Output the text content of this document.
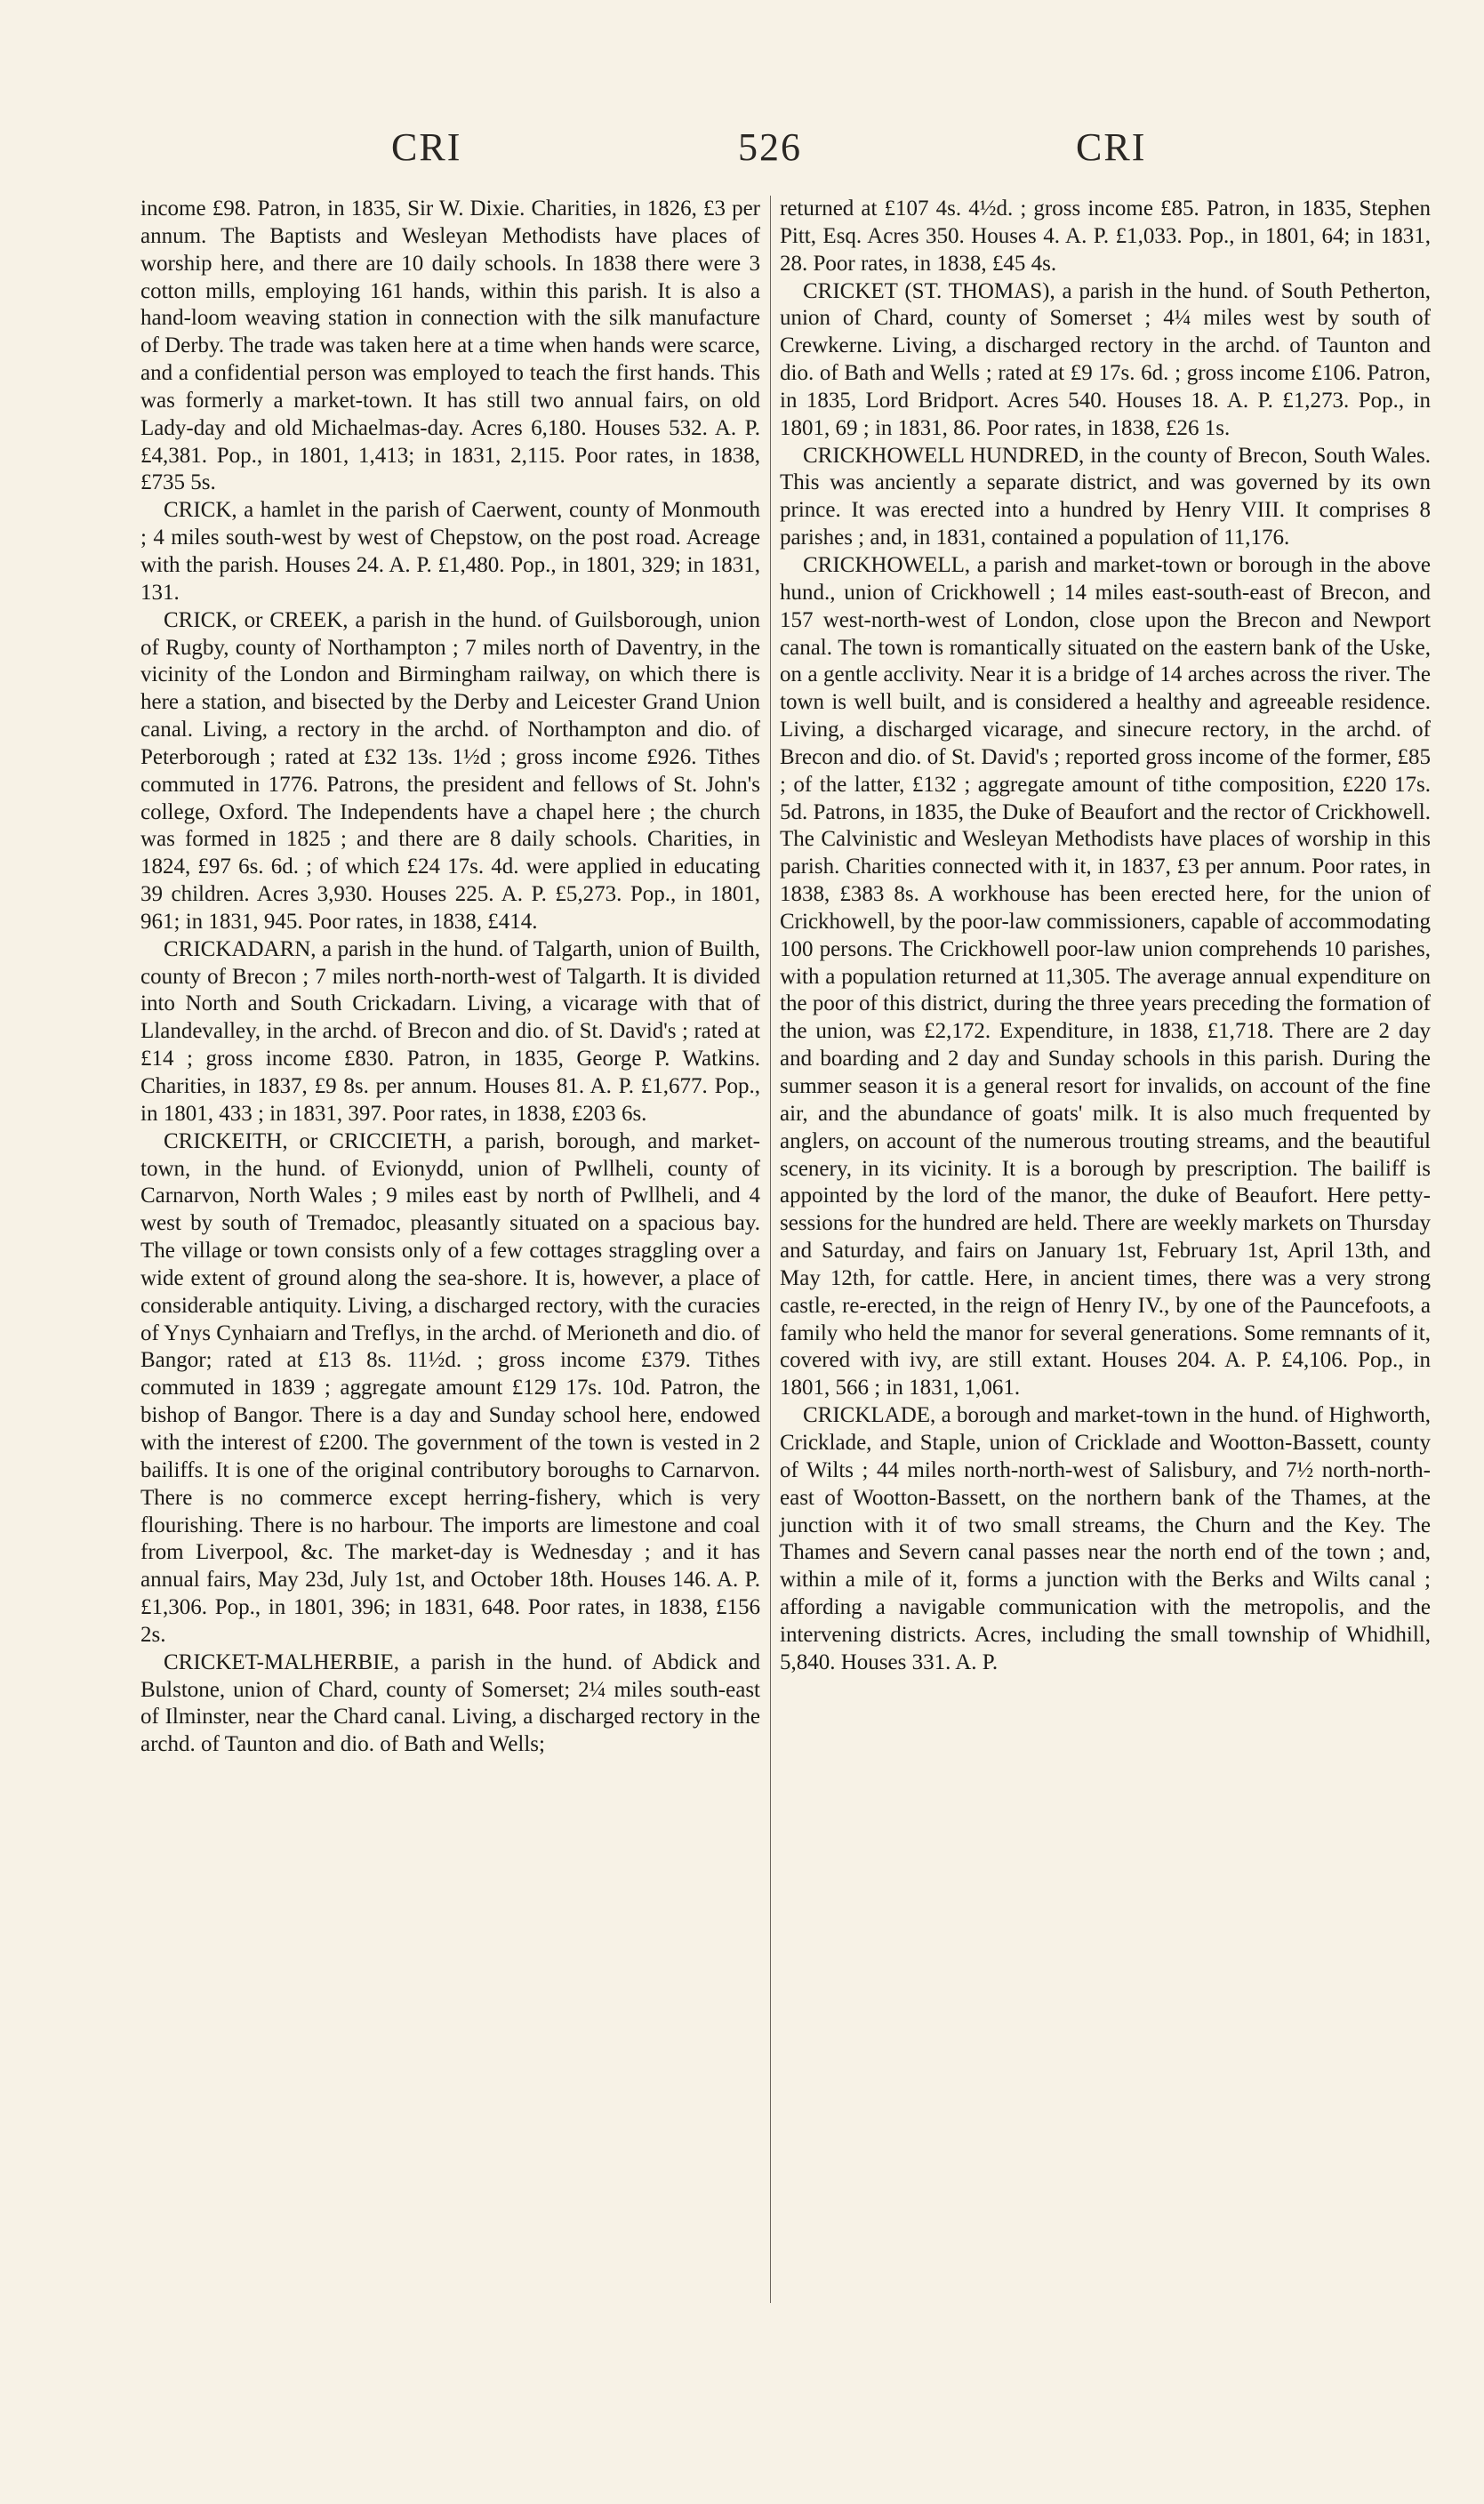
CRI	526	CRI

income £98. Patron, in 1835, Sir W. Dixie. Charities, in 1826, £3 per annum. The Baptists and Wesleyan Methodists have places of worship here, and there are 10 daily schools. In 1838 there were 3 cotton mills, employing 161 hands, within this parish. It is also a hand-loom weaving station in connection with the silk manufacture of Derby. The trade was taken here at a time when hands were scarce, and a confidential person was employed to teach the first hands. This was formerly a market-town. It has still two annual fairs, on old Lady-day and old Michaelmas-day. Acres 6,180. Houses 532. A. P. £4,381. Pop., in 1801, 1,413; in 1831, 2,115. Poor rates, in 1838, £735 5s.

CRICK, a hamlet in the parish of Caerwent, county of Monmouth ; 4 miles south-west by west of Chepstow, on the post road. Acreage with the parish. Houses 24. A. P. £1,480. Pop., in 1801, 329; in 1831, 131.

CRICK, or CREEK, a parish in the hund. of Guilsborough, union of Rugby, county of Northampton ; 7 miles north of Daventry, in the vicinity of the London and Birmingham railway, on which there is here a station, and bisected by the Derby and Leicester Grand Union canal. Living, a rectory in the archd. of Northampton and dio. of Peterborough ; rated at £32 13s. 1½d ; gross income £926. Tithes commuted in 1776. Patrons, the president and fellows of St. John's college, Oxford. The Independents have a chapel here ; the church was formed in 1825 ; and there are 8 daily schools. Charities, in 1824, £97 6s. 6d. ; of which £24 17s. 4d. were applied in educating 39 children. Acres 3,930. Houses 225. A. P. £5,273. Pop., in 1801, 961; in 1831, 945. Poor rates, in 1838, £414.

CRICKADARN, a parish in the hund. of Talgarth, union of Builth, county of Brecon ; 7 miles north-north-west of Talgarth. It is divided into North and South Crickadarn. Living, a vicarage with that of Llandevalley, in the archd. of Brecon and dio. of St. David's ; rated at £14 ; gross income £830. Patron, in 1835, George P. Watkins. Charities, in 1837, £9 8s. per annum. Houses 81. A. P. £1,677. Pop., in 1801, 433 ; in 1831, 397. Poor rates, in 1838, £203 6s.

CRICKEITH, or CRICCIETH, a parish, borough, and market-town, in the hund. of Evionydd, union of Pwllheli, county of Carnarvon, North Wales ; 9 miles east by north of Pwllheli, and 4 west by south of Tremadoc, pleasantly situated on a spacious bay. The village or town consists only of a few cottages straggling over a wide extent of ground along the sea-shore. It is, however, a place of considerable antiquity. Living, a discharged rectory, with the curacies of Ynys Cynhaiarn and Treflys, in the archd. of Merioneth and dio. of Bangor; rated at £13 8s. 11½d. ; gross income £379. Tithes commuted in 1839 ; aggregate amount £129 17s. 10d. Patron, the bishop of Bangor. There is a day and Sunday school here, endowed with the interest of £200. The government of the town is vested in 2 bailiffs. It is one of the original contributory boroughs to Carnarvon. There is no commerce except herring-fishery, which is very flourishing. There is no harbour. The imports are limestone and coal from Liverpool, &c. The market-day is Wednesday ; and it has annual fairs, May 23d, July 1st, and October 18th. Houses 146. A. P. £1,306. Pop., in 1801, 396; in 1831, 648. Poor rates, in 1838, £156 2s.

CRICKET-MALHERBIE, a parish in the hund. of Abdick and Bulstone, union of Chard, county of Somerset; 2¼ miles south-east of Ilminster, near the Chard canal. Living, a discharged rectory in the archd. of Taunton and dio. of Bath and Wells;

returned at £107 4s. 4½d. ; gross income £85. Patron, in 1835, Stephen Pitt, Esq. Acres 350. Houses 4. A. P. £1,033. Pop., in 1801, 64; in 1831, 28. Poor rates, in 1838, £45 4s.

CRICKET (ST. THOMAS), a parish in the hund. of South Petherton, union of Chard, county of Somerset ; 4¼ miles west by south of Crewkerne. Living, a discharged rectory in the archd. of Taunton and dio. of Bath and Wells ; rated at £9 17s. 6d. ; gross income £106. Patron, in 1835, Lord Bridport. Acres 540. Houses 18. A. P. £1,273. Pop., in 1801, 69 ; in 1831, 86. Poor rates, in 1838, £26 1s.

CRICKHOWELL HUNDRED, in the county of Brecon, South Wales. This was anciently a separate district, and was governed by its own prince. It was erected into a hundred by Henry VIII. It comprises 8 parishes ; and, in 1831, contained a population of 11,176.

CRICKHOWELL, a parish and market-town or borough in the above hund., union of Crickhowell ; 14 miles east-south-east of Brecon, and 157 west-north-west of London, close upon the Brecon and Newport canal. The town is romantically situated on the eastern bank of the Uske, on a gentle acclivity. Near it is a bridge of 14 arches across the river. The town is well built, and is considered a healthy and agreeable residence. Living, a discharged vicarage, and sinecure rectory, in the archd. of Brecon and dio. of St. David's ; reported gross income of the former, £85 ; of the latter, £132 ; aggregate amount of tithe composition, £220 17s. 5d. Patrons, in 1835, the Duke of Beaufort and the rector of Crickhowell. The Calvinistic and Wesleyan Methodists have places of worship in this parish. Charities connected with it, in 1837, £3 per annum. Poor rates, in 1838, £383 8s. A workhouse has been erected here, for the union of Crickhowell, by the poor-law commissioners, capable of accommodating 100 persons. The Crickhowell poor-law union comprehends 10 parishes, with a population returned at 11,305. The average annual expenditure on the poor of this district, during the three years preceding the formation of the union, was £2,172. Expenditure, in 1838, £1,718. There are 2 day and boarding and 2 day and Sunday schools in this parish. During the summer season it is a general resort for invalids, on account of the fine air, and the abundance of goats' milk. It is also much frequented by anglers, on account of the numerous trouting streams, and the beautiful scenery, in its vicinity. It is a borough by prescription. The bailiff is appointed by the lord of the manor, the duke of Beaufort. Here petty-sessions for the hundred are held. There are weekly markets on Thursday and Saturday, and fairs on January 1st, February 1st, April 13th, and May 12th, for cattle. Here, in ancient times, there was a very strong castle, re-erected, in the reign of Henry IV., by one of the Pauncefoots, a family who held the manor for several generations. Some remnants of it, covered with ivy, are still extant. Houses 204. A. P. £4,106. Pop., in 1801, 566 ; in 1831, 1,061.

CRICKLADE, a borough and market-town in the hund. of Highworth, Cricklade, and Staple, union of Cricklade and Wootton-Bassett, county of Wilts ; 44 miles north-north-west of Salisbury, and 7½ north-north-east of Wootton-Bassett, on the northern bank of the Thames, at the junction with it of two small streams, the Churn and the Key. The Thames and Severn canal passes near the north end of the town ; and, within a mile of it, forms a junction with the Berks and Wilts canal ; affording a navigable communication with the metropolis, and the intervening districts. Acres, including the small township of Whidhill, 5,840. Houses 331. A. P.
